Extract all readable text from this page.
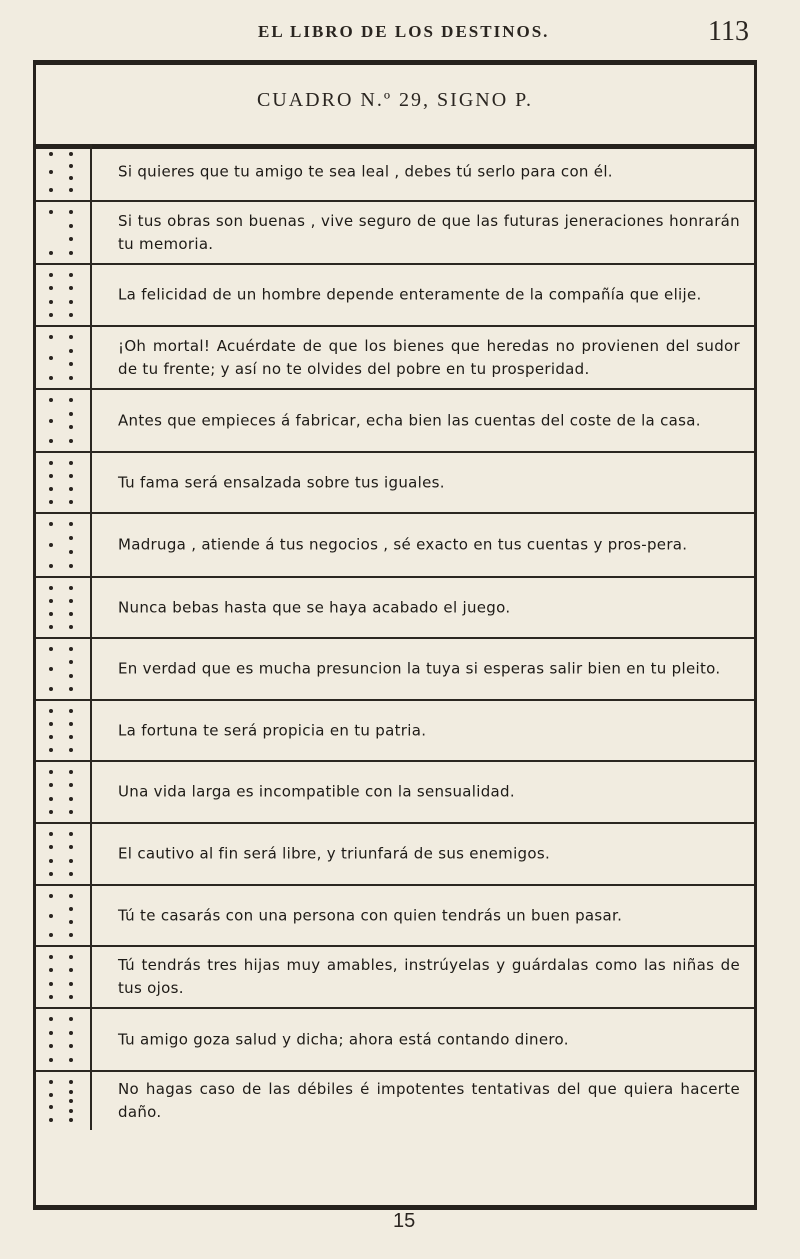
EL LIBRO DE LOS DESTINOS.	113
CUADRO N.º 29, SIGNO P.
Si quieres que tu amigo te sea leal , debes tú serlo para con él.
Si tus obras son buenas , vive seguro de que las futuras jeneraciones honrarán tu memoria.
La felicidad de un hombre depende enteramente de la compañía que elije.
¡Oh mortal! Acuérdate de que los bienes que heredas no provienen del sudor de tu frente; y así no te olvides del pobre en tu prosperidad.
Antes que empieces á fabricar, echa bien las cuentas del coste de la casa.
Tu fama será ensalzada sobre tus iguales.
Madruga , atiende á tus negocios , sé exacto en tus cuentas y pros-pera.
Nunca bebas hasta que se haya acabado el juego.
En verdad que es mucha presuncion la tuya si esperas salir bien en tu pleito.
La fortuna te será propicia en tu patria.
Una vida larga es incompatible con la sensualidad.
El cautivo al fin será libre, y triunfará de sus enemigos.
Tú te casarás con una persona con quien tendrás un buen pasar.
Tú tendrás tres hijas muy amables, instrúyelas y guárdalas como las niñas de tus ojos.
Tu amigo goza salud y dicha; ahora está contando dinero.
No hagas caso de las débiles é impotentes tentativas del que quiera hacerte daño.
15
